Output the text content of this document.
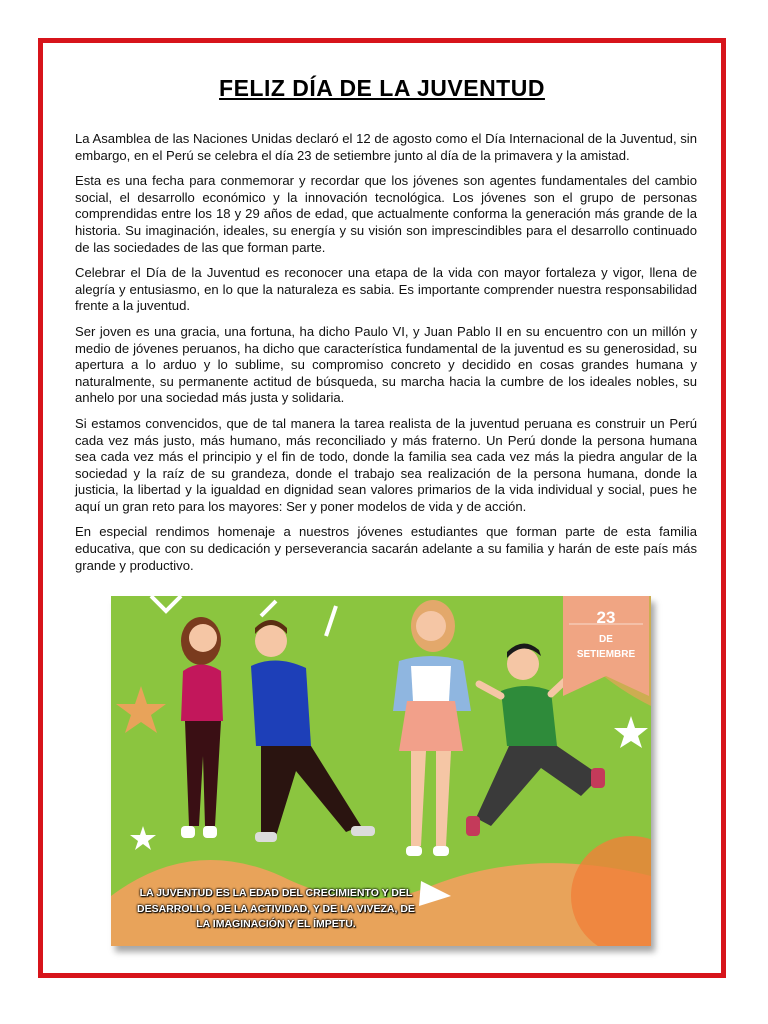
FELIZ DÍA DE LA JUVENTUD

La Asamblea de las Naciones Unidas declaró el 12 de agosto como el Día Internacional de la Juventud, sin embargo, en el Perú se celebra el día 23 de setiembre junto al día de la primavera y la amistad.

Esta es una fecha para conmemorar y recordar que los jóvenes son agentes fundamentales del cambio social, el desarrollo económico y la innovación tecnológica. Los jóvenes son el grupo de personas comprendidas entre los 18 y 29 años de edad, que actualmente conforma la generación más grande de la historia. Su imaginación, ideales, su energía y su visión son imprescindibles para el desarrollo continuado de las sociedades de las que forman parte.

Celebrar el Día de la Juventud es reconocer una etapa de la vida con mayor fortaleza y vigor, llena de alegría y entusiasmo, en lo que la naturaleza es sabia. Es importante comprender nuestra responsabilidad frente a la juventud.

Ser joven es una gracia, una fortuna, ha dicho Paulo VI, y Juan Pablo II en su encuentro con un millón y medio de jóvenes peruanos, ha dicho que característica fundamental de la juventud es su generosidad, su apertura a lo arduo y lo sublime, su compromiso concreto y decidido en cosas grandes humana y naturalmente, su permanente actitud de búsqueda, su marcha hacia la cumbre de los ideales nobles, su anhelo por una sociedad más justa y solidaria.

Si estamos convencidos, que de tal manera la tarea realista de la juventud peruana es construir un Perú cada vez más justo, más humano, más reconciliado y más fraterno. Un Perú donde la persona humana sea cada vez más el principio y el fin de todo, donde la familia sea cada vez más la piedra angular de la sociedad y la raíz de su grandeza, donde el trabajo sea realización de la persona humana, donde la justicia, la libertad y la igualdad en dignidad sean valores primarios de la vida individual y social, pues he aquí un gran reto para los mayores: Ser y poner modelos de vida y de acción.

En especial rendimos homenaje a nuestros jóvenes estudiantes que forman parte de esta familia educativa, que con su dedicación y perseverancia sacarán adelante a su familia y harán de este país más grande y productivo.

23
DE
SETIEMBRE
LA JUVENTUD ES LA EDAD DEL CRECIMIENTO Y DEL DESARROLLO, DE LA ACTIVIDAD, Y DE LA VIVEZA, DE LA IMAGINACIÓN Y EL ÍMPETU.
